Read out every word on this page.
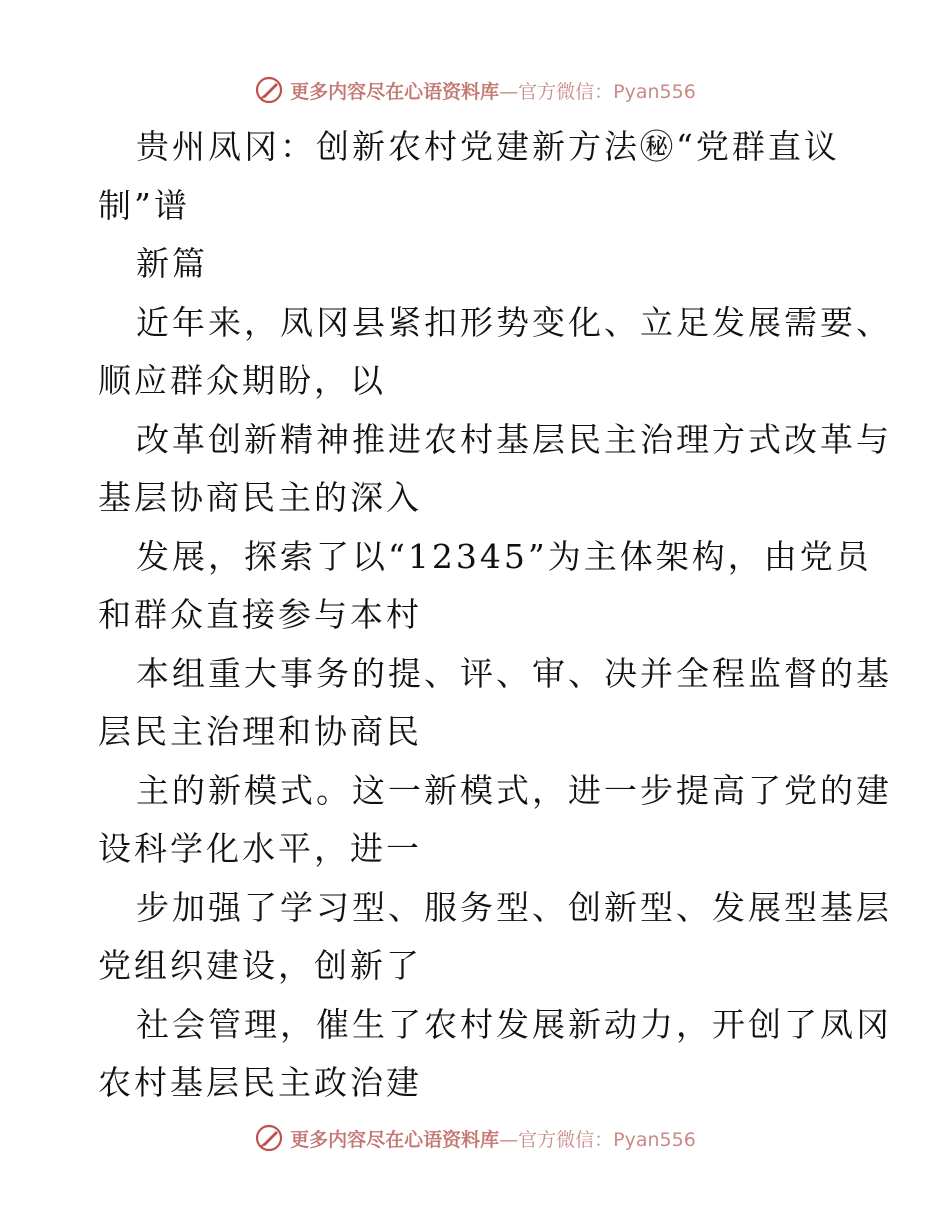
更多内容尽在心语资料库—官方微信：Pyan556
贵州凤冈：创新农村党建新方法㊙“党群直议
制”谱
新篇
近年来，凤冈县紧扣形势变化、立足发展需要、
顺应群众期盼，以
改革创新精神推进农村基层民主治理方式改革与
基层协商民主的深入
发展，探索了以“12345”为主体架构，由党员
和群众直接参与本村
本组重大事务的提、评、审、决并全程监督的基
层民主治理和协商民
主的新模式。这一新模式，进一步提高了党的建
设科学化水平，进一
步加强了学习型、服务型、创新型、发展型基层
党组织建设，创新了
社会管理，催生了农村发展新动力，开创了凤冈
农村基层民主政治建
更多内容尽在心语资料库—官方微信：Pyan556
